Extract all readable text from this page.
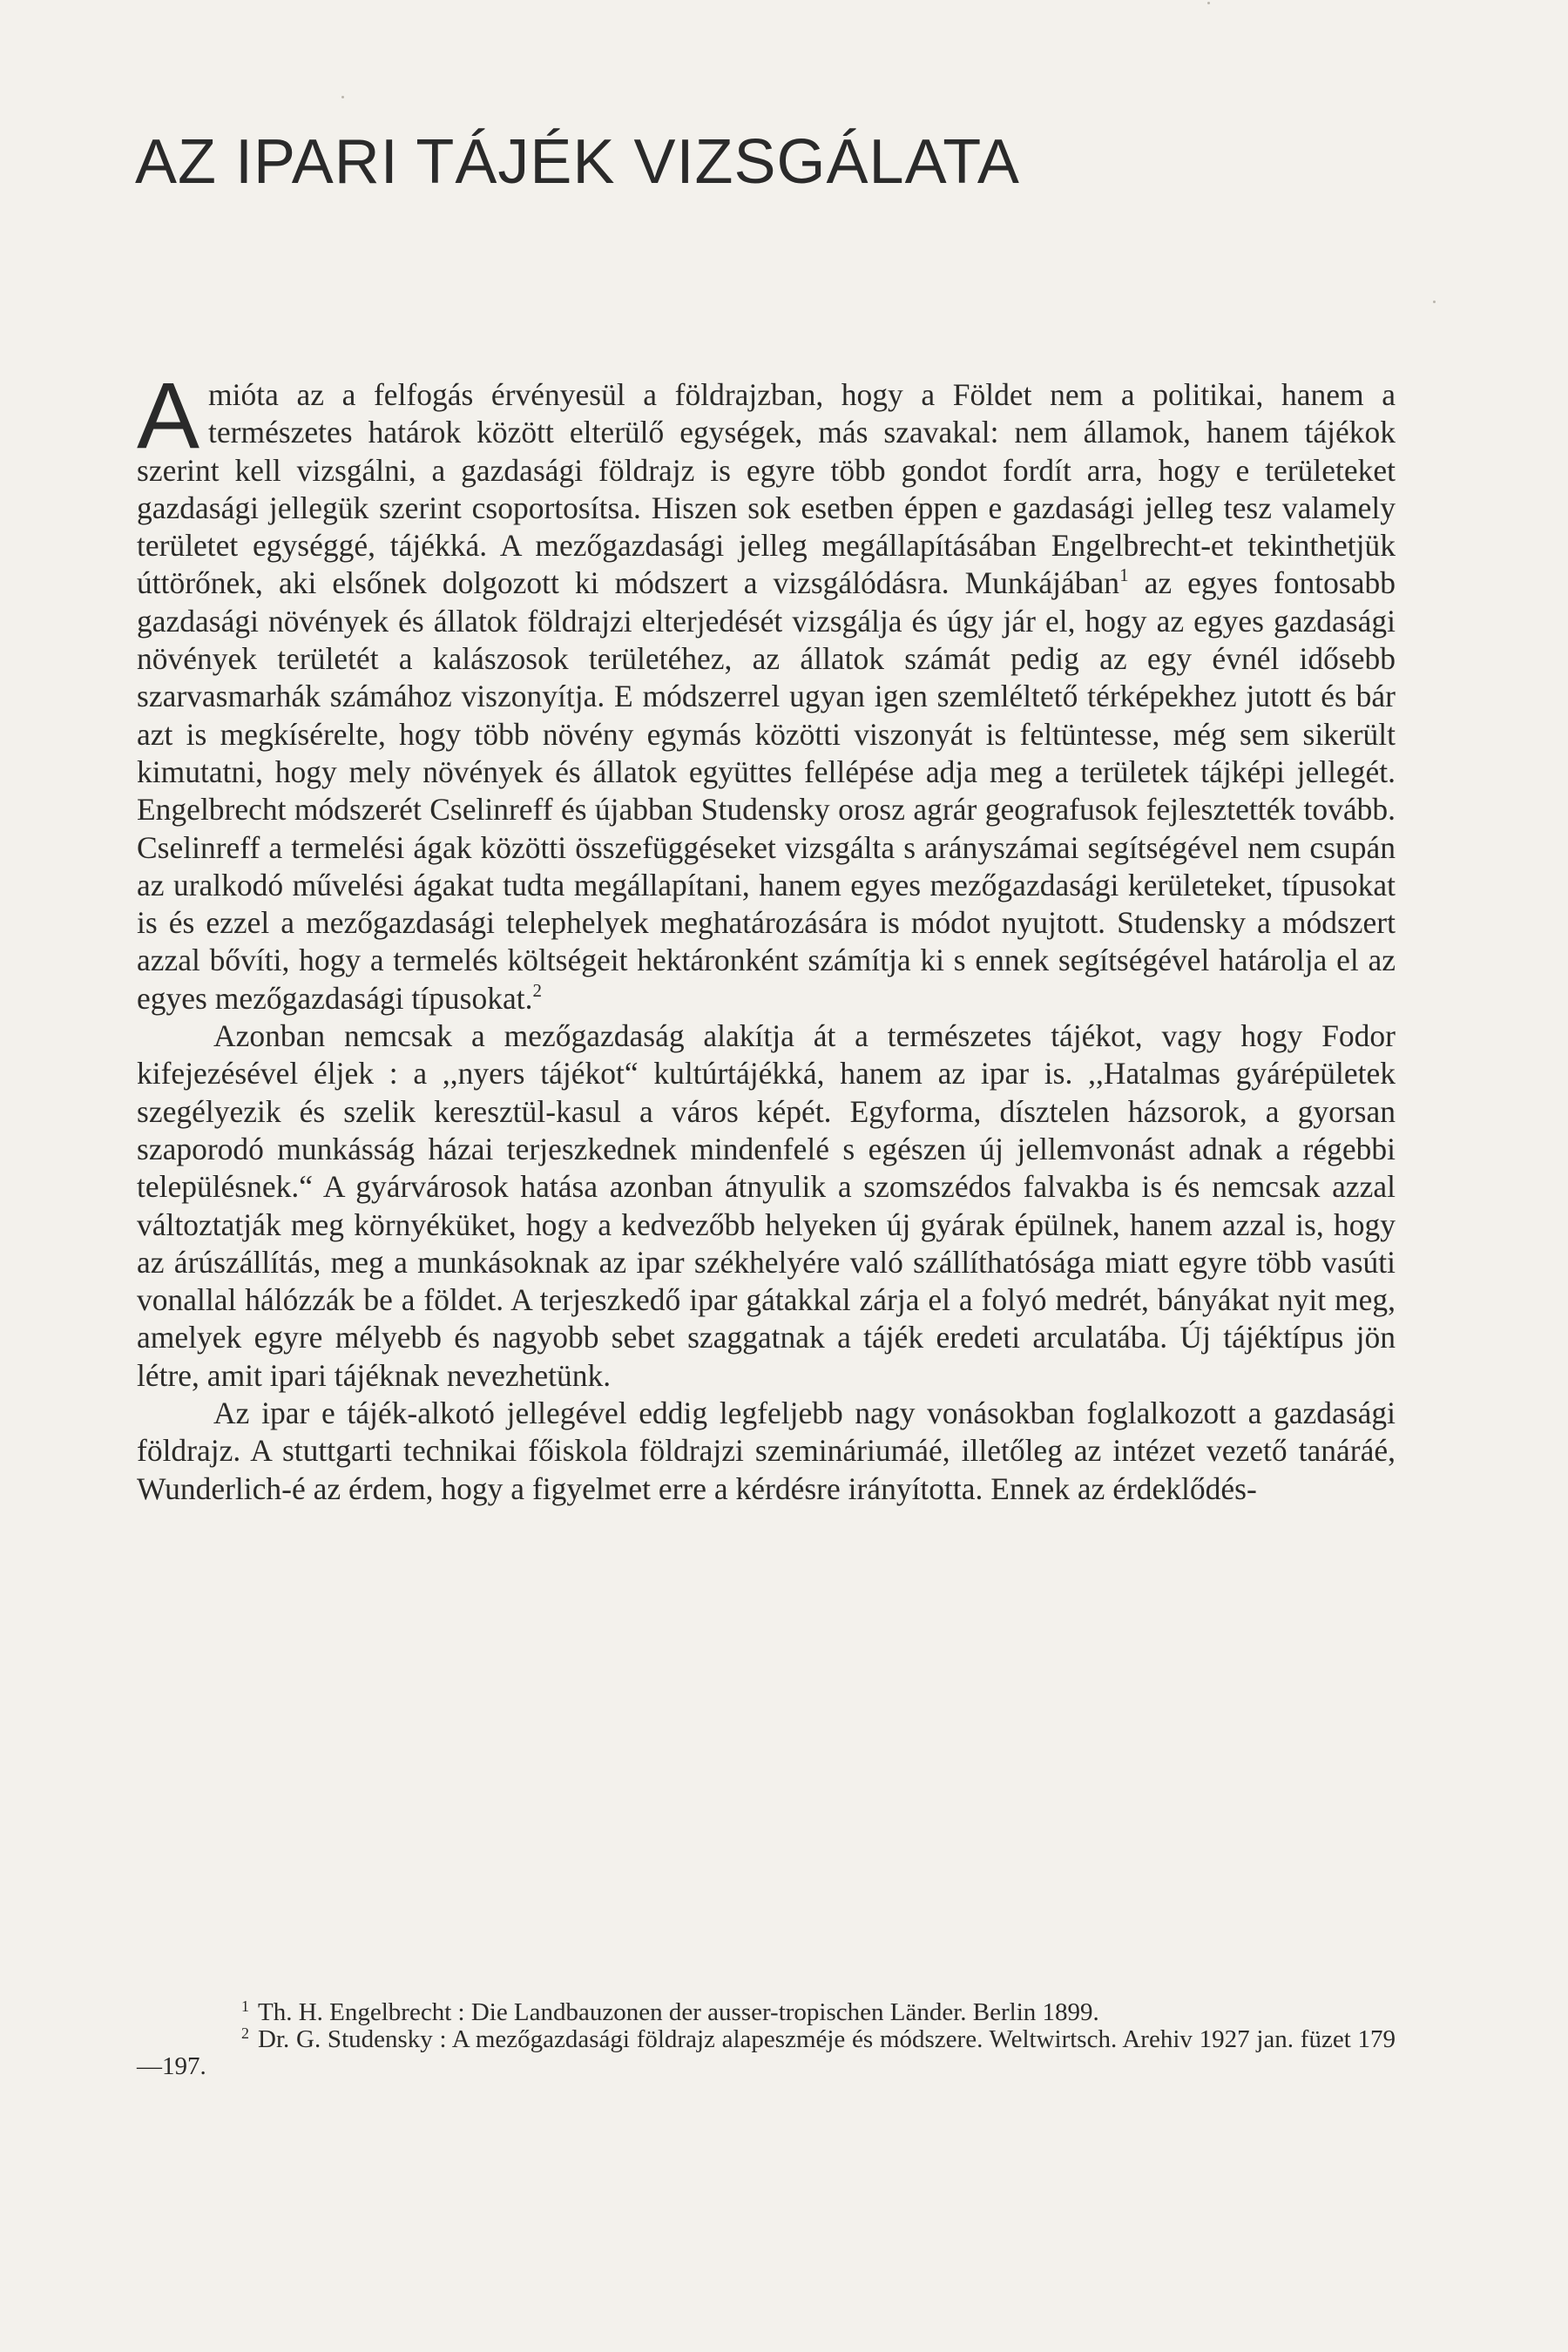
AZ IPARI TÁJÉK VIZSGÁLATA

Amióta az a felfogás érvényesül a földrajzban, hogy a Földet nem a politikai, hanem a természetes határok között elterülő egységek, más szavakal: nem államok, hanem tájékok szerint kell vizsgálni, a gazdasági földrajz is egyre több gondot fordít arra, hogy e területeket gazdasági jellegük szerint csoportosítsa. Hiszen sok esetben éppen e gazdasági jelleg tesz valamely területet egységgé, tájékká. A mezőgazdasági jelleg megállapításában Engelbrecht-et tekinthetjük úttörőnek, aki elsőnek dolgozott ki módszert a vizsgálódásra. Munkájában$^1$ az egyes fontosabb gazdasági növények és állatok földrajzi elterjedését vizsgálja és úgy jár el, hogy az egyes gazdasági növények területét a kalászosok területéhez, az állatok számát pedig az egy évnél idősebb szarvasmarhák számához viszonyítja. E módszerrel ugyan igen szemléltető térképekhez jutott és bár azt is megkísérelte, hogy több növény egymás közötti viszonyát is feltüntesse, még sem sikerült kimutatni, hogy mely növények és állatok együttes fellépése adja meg a területek tájképi jellegét. Engelbrecht módszerét Cselinreff és újabban Studensky orosz agrár geografusok fejlesztették tovább. Cselinreff a termelési ágak közötti összefüggéseket vizsgálta s arányszámai segítségével nem csupán az uralkodó művelési ágakat tudta megállapítani, hanem egyes mezőgazdasági kerületeket, típusokat is és ezzel a mezőgazdasági telephelyek meghatározására is módot nyujtott. Studensky a módszert azzal bővíti, hogy a termelés költségeit hektáronként számítja ki s ennek segítségével határolja el az egyes mezőgazdasági típusokat.$^2$

Azonban nemcsak a mezőgazdaság alakítja át a természetes tájékot, vagy hogy Fodor kifejezésével éljek : a ,,nyers tájékot“ kultúrtájékká, hanem az ipar is. ,,Hatalmas gyárépületek szegélyezik és szelik keresztül-kasul a város képét. Egyforma, dísztelen házsorok, a gyorsan szaporodó munkásság házai terjeszkednek mindenfelé s egészen új jellemvonást adnak a régebbi településnek.“ A gyárvárosok hatása azonban átnyulik a szomszédos falvakba is és nemcsak azzal változtatják meg környéküket, hogy a kedvezőbb helyeken új gyárak épülnek, hanem azzal is, hogy az árúszállítás, meg a munkásoknak az ipar székhelyére való szállíthatósága miatt egyre több vasúti vonallal hálózzák be a földet. A terjeszkedő ipar gátakkal zárja el a folyó medrét, bányákat nyit meg, amelyek egyre mélyebb és nagyobb sebet szaggatnak a tájék eredeti arculatába. Új tájéktípus jön létre, amit ipari tájéknak nevezhetünk.

Az ipar e tájék-alkotó jellegével eddig legfeljebb nagy vonásokban foglalkozott a gazdasági földrajz. A stuttgarti technikai főiskola földrajzi szemináriumáé, illetőleg az intézet vezető tanáráé, Wunderlich-é az érdem, hogy a figyelmet erre a kérdésre irányította. Ennek az érdeklődés-

$^1$ Th. H. Engelbrecht : Die Landbauzonen der ausser-tropischen Länder. Berlin 1899.

$^2$ Dr. G. Studensky : A mezőgazdasági földrajz alapeszméje és módszere. Weltwirtsch. Arehiv 1927 jan. füzet 179—197.
